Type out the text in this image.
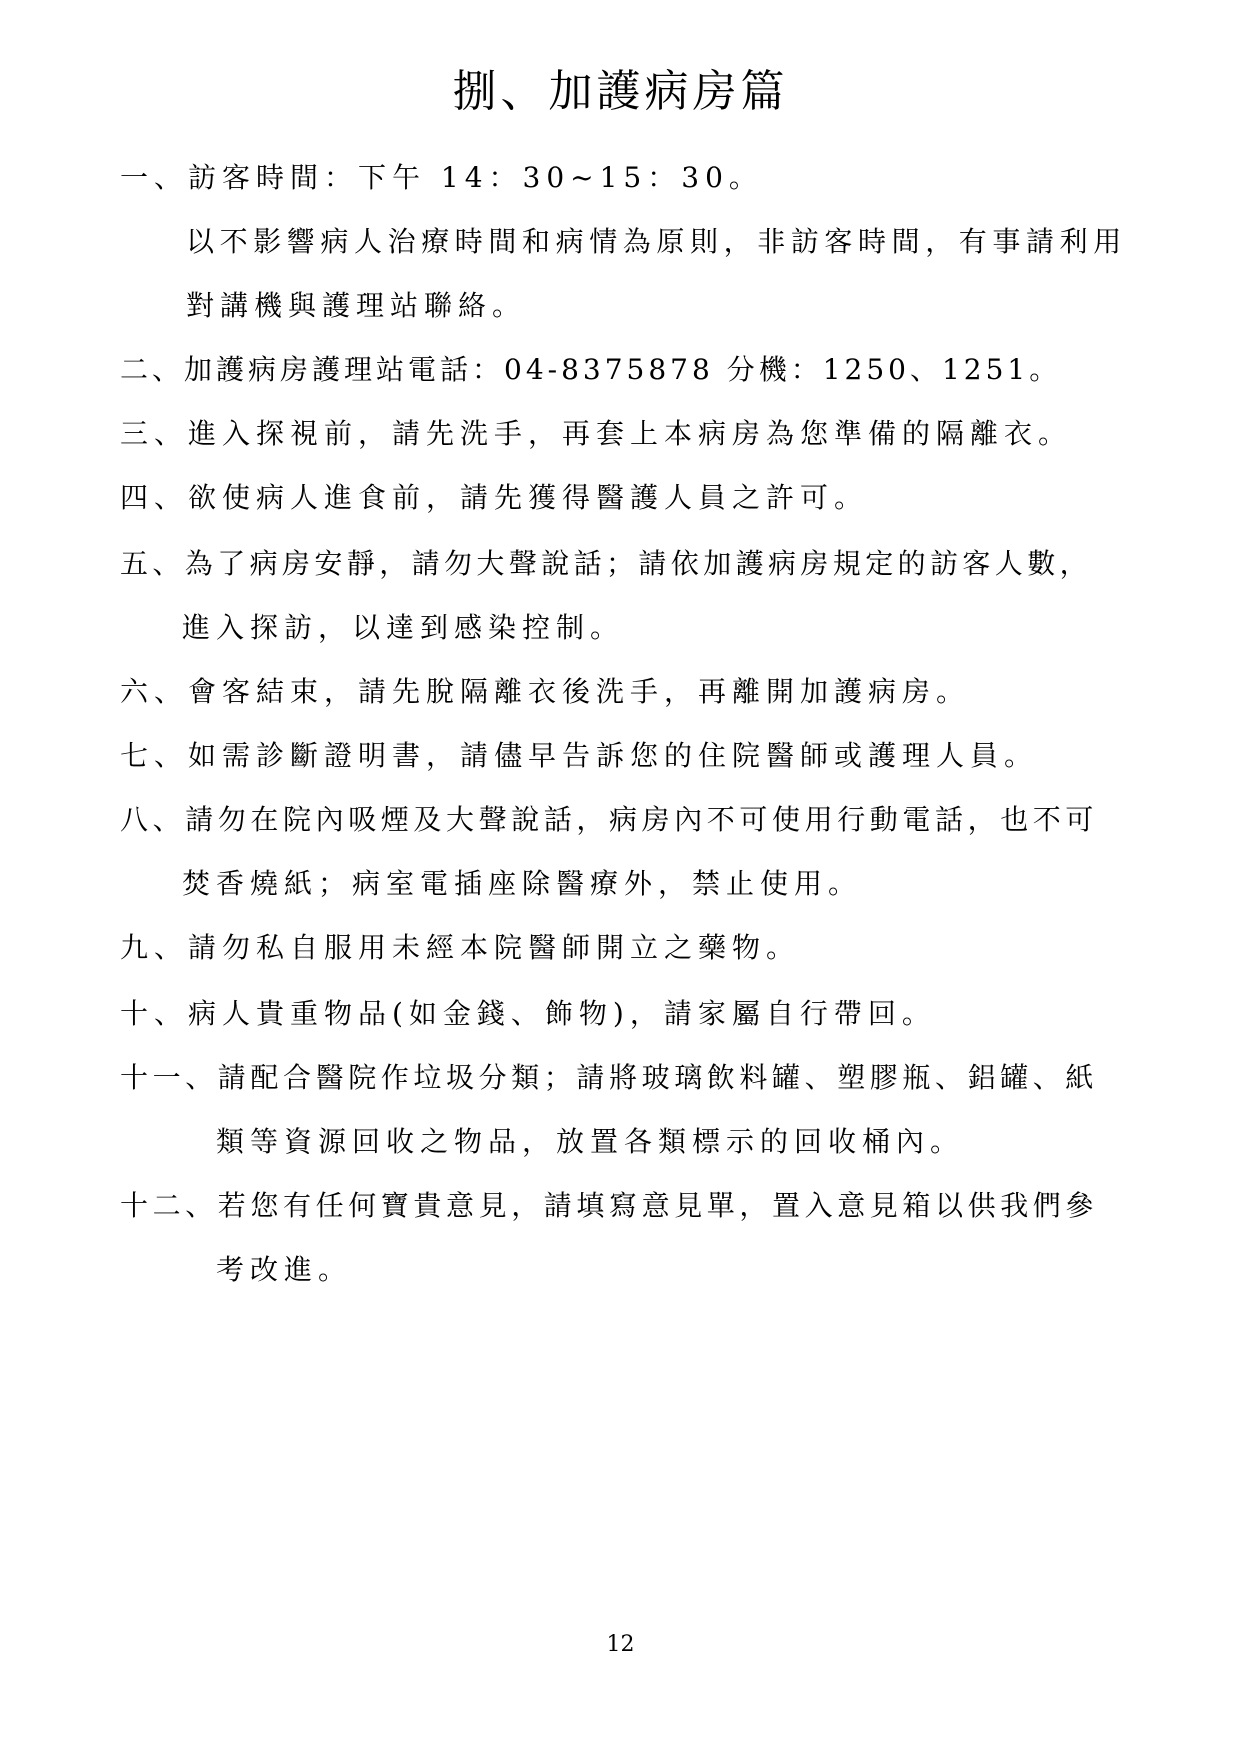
捌、加護病房篇
一、訪客時間：下午 14：30~15：30。
以不影響病人治療時間和病情為原則，非訪客時間，有事請利用
對講機與護理站聯絡。
二、加護病房護理站電話：04-8375878 分機：1250、1251。
三、進入探視前，請先洗手，再套上本病房為您準備的隔離衣。
四、欲使病人進食前，請先獲得醫護人員之許可。
五、為了病房安靜，請勿大聲說話；請依加護病房規定的訪客人數，
進入探訪，以達到感染控制。
六、會客結束，請先脫隔離衣後洗手，再離開加護病房。
七、如需診斷證明書，請儘早告訴您的住院醫師或護理人員。
八、請勿在院內吸煙及大聲說話，病房內不可使用行動電話，也不可
焚香燒紙；病室電插座除醫療外，禁止使用。
九、請勿私自服用未經本院醫師開立之藥物。
十、病人貴重物品(如金錢、飾物)，請家屬自行帶回。
十一、請配合醫院作垃圾分類；請將玻璃飲料罐、塑膠瓶、鋁罐、紙
類等資源回收之物品，放置各類標示的回收桶內。
十二、若您有任何寶貴意見，請填寫意見單，置入意見箱以供我們參
考改進。
12
